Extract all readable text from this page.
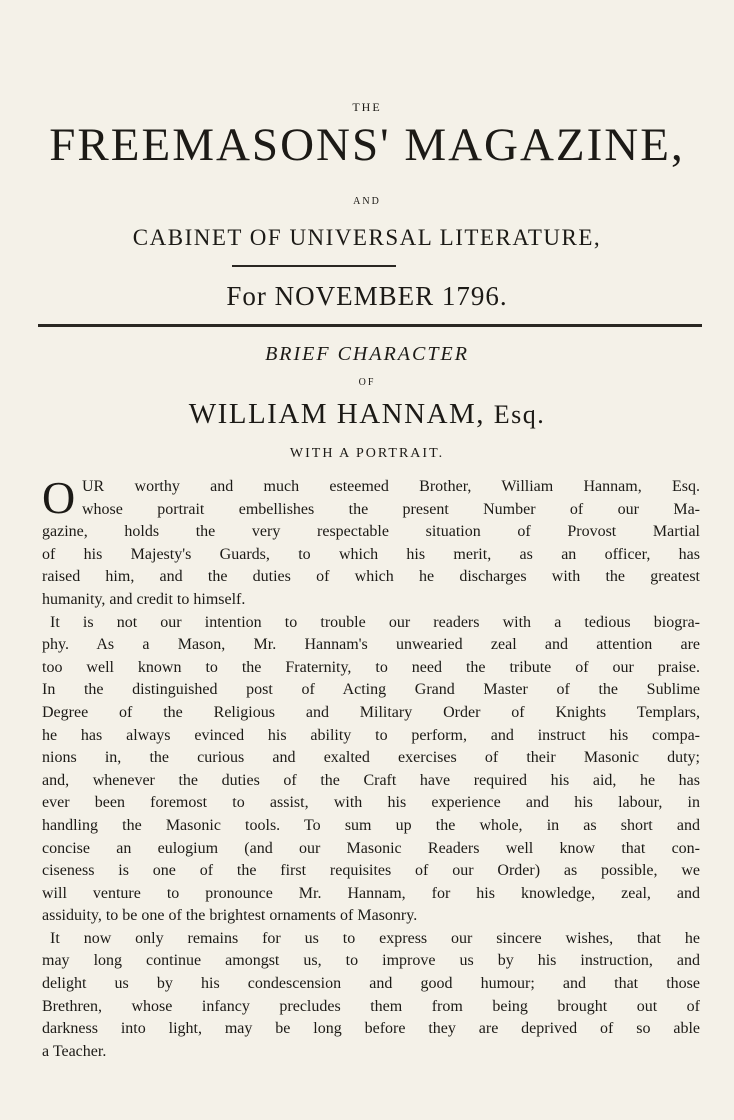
THE
FREEMASONS' MAGAZINE,
AND
CABINET OF UNIVERSAL LITERATURE,
For NOVEMBER 1796.
BRIEF CHARACTER
OF
WILLIAM HANNAM, Esq.
WITH A PORTRAIT.
O UR worthy and much esteemed Brother, William Hannam, Esq.
whose portrait embellishes the present Number of our Ma-
gazine, holds the very respectable situation of Provost Martial
of his Majesty's Guards, to which his merit, as an officer, has
raised him, and the duties of which he discharges with the greatest
humanity, and credit to himself.
It is not our intention to trouble our readers with a tedious biogra-
phy. As a Mason, Mr. Hannam's unwearied zeal and attention are
too well known to the Fraternity, to need the tribute of our praise.
In the distinguished post of Acting Grand Master of the Sublime
Degree of the Religious and Military Order of Knights Templars,
he has always evinced his ability to perform, and instruct his compa-
nions in, the curious and exalted exercises of their Masonic duty;
and, whenever the duties of the Craft have required his aid, he has
ever been foremost to assist, with his experience and his labour, in
handling the Masonic tools. To sum up the whole, in as short and
concise an eulogium (and our Masonic Readers well know that con-
ciseness is one of the first requisites of our Order) as possible, we
will venture to pronounce Mr. Hannam, for his knowledge, zeal, and
assiduity, to be one of the brightest ornaments of Masonry.
It now only remains for us to express our sincere wishes, that he
may long continue amongst us, to improve us by his instruction, and
delight us by his condescension and good humour; and that those
Brethren, whose infancy precludes them from being brought out of
darkness into light, may be long before they are deprived of so able
a Teacher.
